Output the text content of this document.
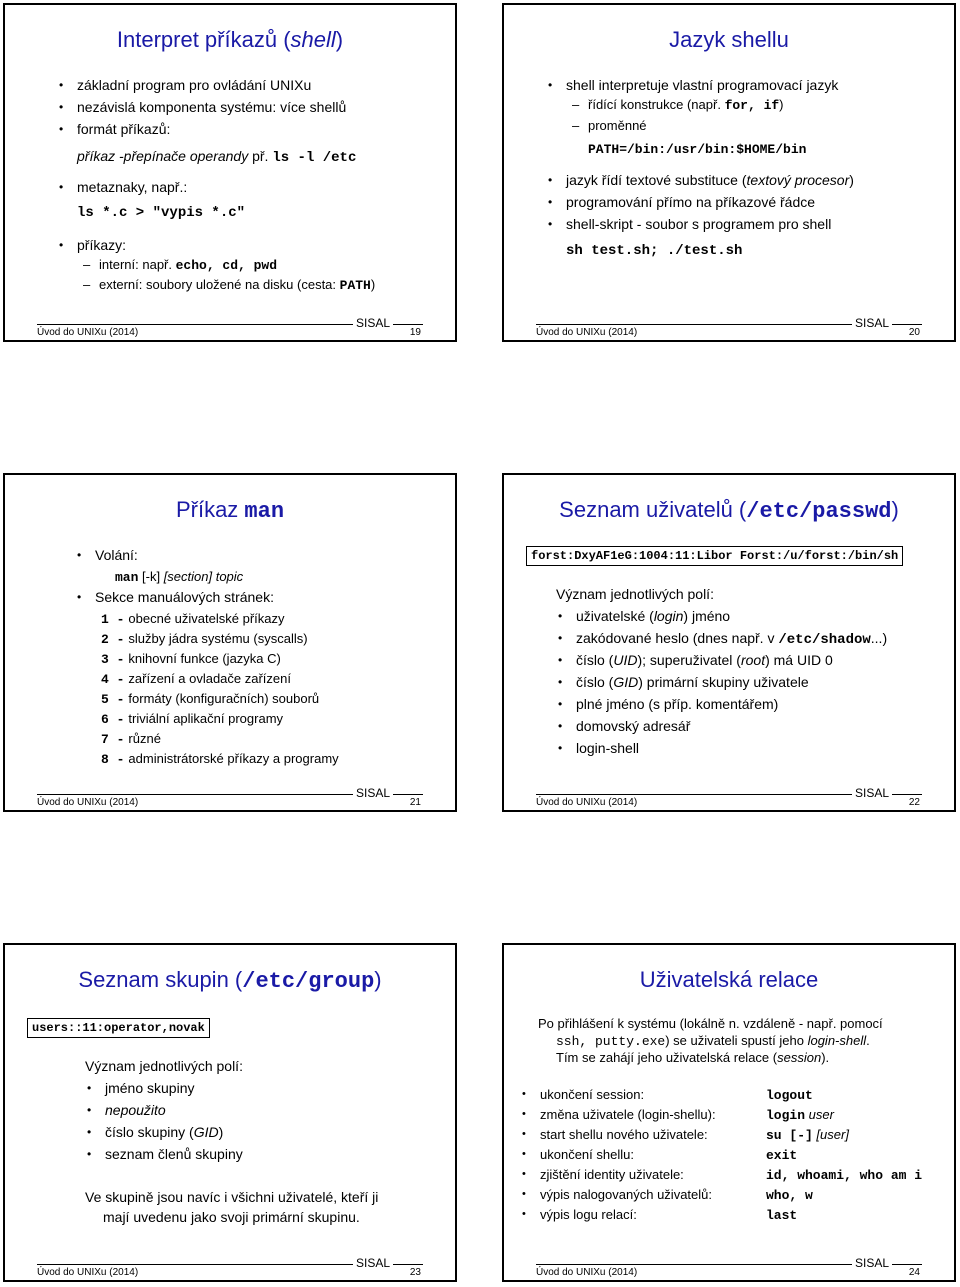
Interpret příkazů (shell)
• základní program pro ovládání UNIXu
• nezávislá komponenta systému: více shellů
• formát příkazů:
příkaz -přepínače operandy př. ls -l /etc
• metaznaky, např.:
ls *.c > "vypis *.c"
• příkazy:
– interní: např. echo, cd, pwd
– externí: soubory uložené na disku (cesta: PATH)
Úvod do UNIXu (2014)
SISAL
19
Jazyk shellu
• shell interpretuje vlastní programovací jazyk
– řídící konstrukce (např. for, if)
– proměnné
PATH=/bin:/usr/bin:$HOME/bin
• jazyk řídí textové substituce (textový procesor)
• programování přímo na příkazové řádce
• shell-skript - soubor s programem pro shell
sh test.sh; ./test.sh
Úvod do UNIXu (2014)
SISAL
20
Příkaz man
• Volání:
man [-k] [section] topic
• Sekce manuálových stránek:
1 - obecné uživatelské příkazy
2 - služby jádra systému (syscalls)
3 - knihovní funkce (jazyka C)
4 - zařízení a ovladače zařízení
5 - formáty (konfiguračních) souborů
6 - triviální aplikační programy
7 - různé
8 - administrátorské příkazy a programy
Úvod do UNIXu (2014)
SISAL
21
Seznam uživatelů (/etc/passwd)
forst:DxyAF1eG:1004:11:Libor Forst:/u/forst:/bin/sh
Význam jednotlivých polí:
• uživatelské (login) jméno
• zakódované heslo (dnes např. v /etc/shadow...)
• číslo (UID); superuživatel (root) má UID 0
• číslo (GID) primární skupiny uživatele
• plné jméno (s příp. komentářem)
• domovský adresář
• login-shell
Úvod do UNIXu (2014)
SISAL
22
Seznam skupin (/etc/group)
users::11:operator,novak
Význam jednotlivých polí:
• jméno skupiny
• nepoužito
• číslo skupiny (GID)
• seznam členů skupiny
Ve skupině jsou navíc i všichni uživatelé, kteří ji
mají uvedenu jako svoji primární skupinu.
Úvod do UNIXu (2014)
SISAL
23
Uživatelská relace
Po přihlášení k systému (lokálně n. vzdáleně - např. pomocí
ssh, putty.exe) se uživateli spustí jeho login-shell.
Tím se zahájí jeho uživatelská relace (session).
• ukončení session:	logout
• změna uživatele (login-shellu):	login user
• start shellu nového uživatele:	su [-] [user]
• ukončení shellu:	exit
• zjištění identity uživatele:	id, whoami, who am i
• výpis nalogovaných uživatelů:	who, w
• výpis logu relací:	last
Úvod do UNIXu (2014)
SISAL
24
